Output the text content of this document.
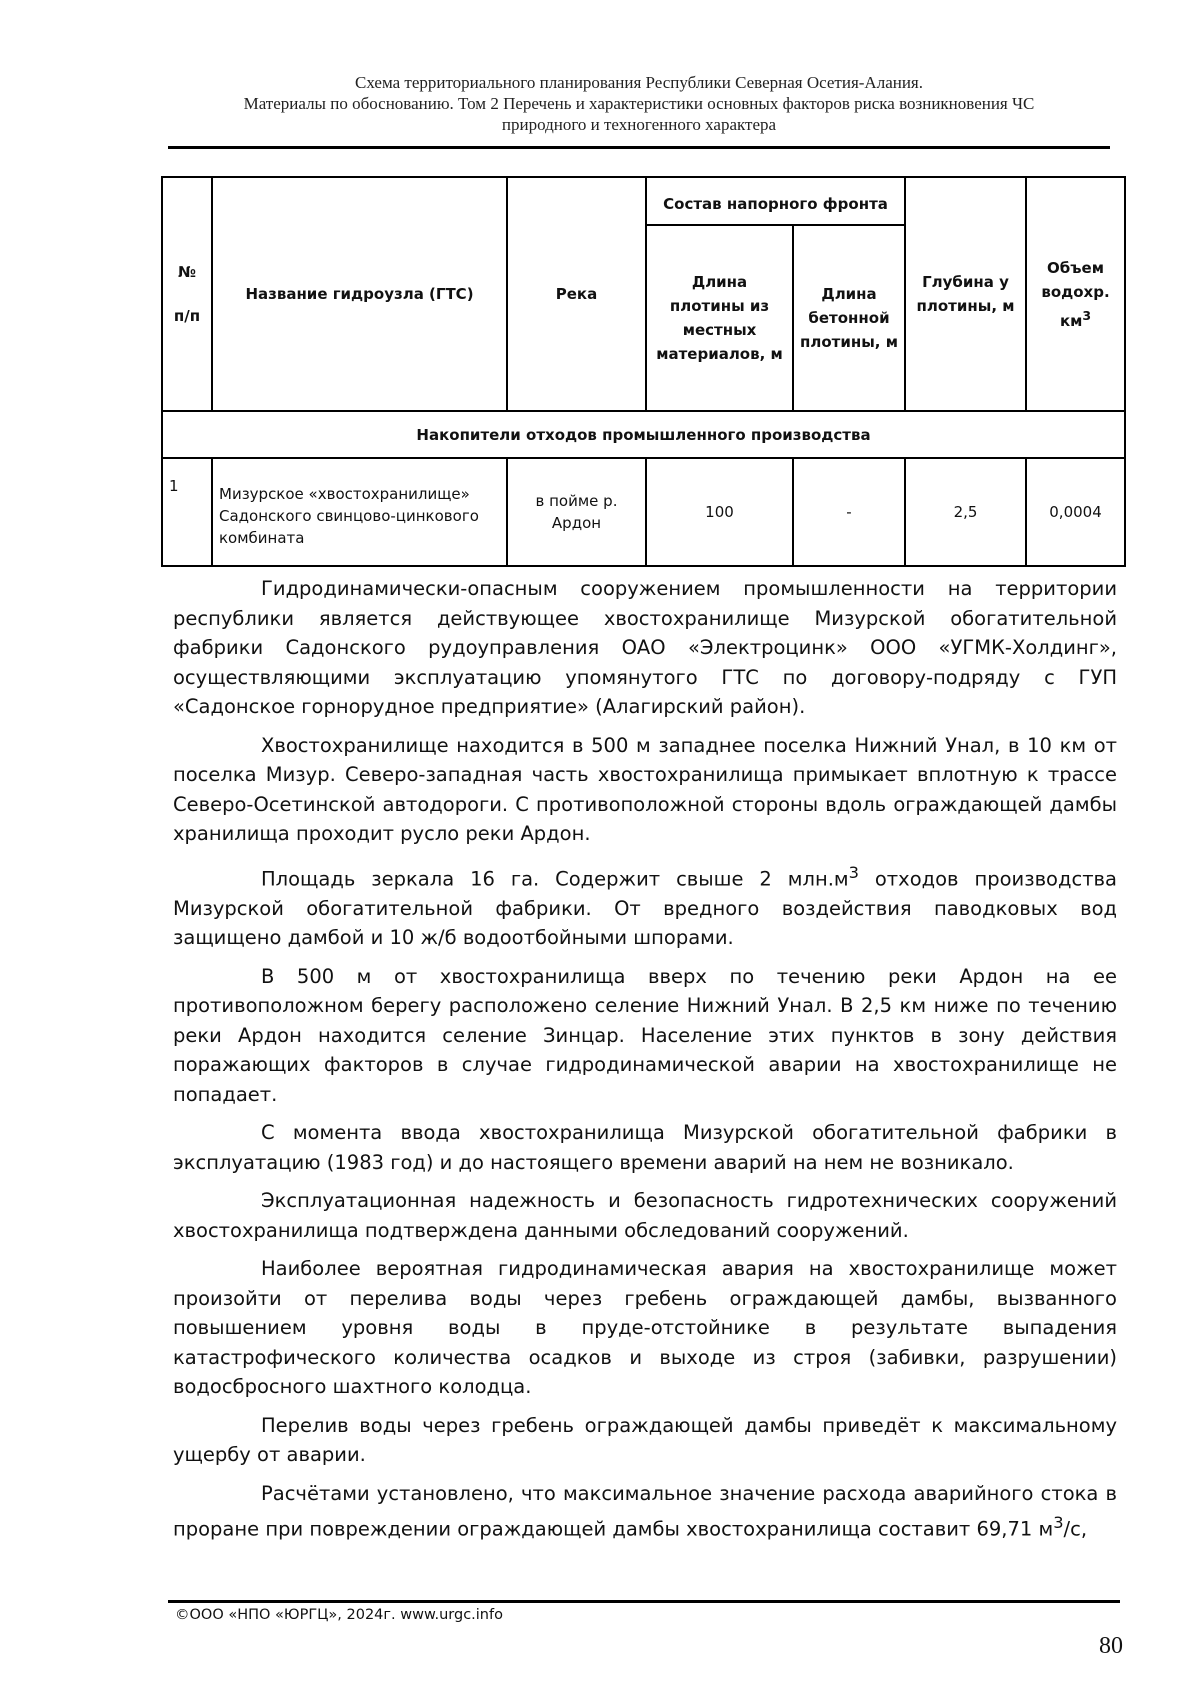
Схема территориального планирования Республики Северная Осетия-Алания.
Материалы по обоснованию. Том 2 Перечень и характеристики основных факторов риска возникновения ЧС
природного и техногенного характера
№ п/п	Название гидроузла (ГТС)	Река	Состав напорного фронта		Глубина у плотины, м	Объем водохр. $км^3$
			Длина плотины из местных материалов, м	Длина бетонной плотины, м		
Накопители отходов промышленного производства						
1	Мизурское «хвостохранилище» Садонского свинцово-цинкового комбината	в пойме р. Ардон	100	-	2,5	0,0004

Гидродинамически-опасным сооружением промышленности на территории республики является действующее хвостохранилище Мизурской обогатительной фабрики Садонского рудоуправления ОАО «Электроцинк» ООО «УГМК-Холдинг», осуществляющими эксплуатацию упомянутого ГТС по договору-подряду с ГУП «Садонское горнорудное предприятие» (Алагирский район).

Хвостохранилище находится в 500 м западнее поселка Нижний Унал, в 10 км от поселка Мизур. Северо-западная часть хвостохранилища примыкает вплотную к трассе Северо-Осетинской автодороги. С противоположной стороны вдоль ограждающей дамбы хранилища проходит русло реки Ардон.

Площадь зеркала 16 га. Содержит свыше 2 $млн.м^3$ отходов производства Мизурской обогатительной фабрики. От вредного воздействия паводковых вод защищено дамбой и 10 ж/б водоотбойными шпорами.

В 500 м от хвостохранилища вверх по течению реки Ардон на ее противоположном берегу расположено селение Нижний Унал. В 2,5 км ниже по течению реки Ардон находится селение Зинцар. Население этих пунктов в зону действия поражающих факторов в случае гидродинамической аварии на хвостохранилище не попадает.

С момента ввода хвостохранилища Мизурской обогатительной фабрики в эксплуатацию (1983 год) и до настоящего времени аварий на нем не возникало.

Эксплуатационная надежность и безопасность гидротехнических сооружений хвостохранилища подтверждена данными обследований сооружений.

Наиболее вероятная гидродинамическая авария на хвостохранилище может произойти от перелива воды через гребень ограждающей дамбы, вызванного повышением уровня воды в пруде-отстойнике в результате выпадения катастрофического количества осадков и выходе из строя (забивки, разрушении) водосбросного шахтного колодца.

Перелив воды через гребень ограждающей дамбы приведёт к максимальному ущербу от аварии.

Расчётами установлено, что максимальное значение расхода аварийного стока в проране при повреждении ограждающей дамбы хвостохранилища составит 69,71 $м^3/с$,

©ООО «НПО «ЮРГЦ», 2024г. www.urgc.info
80
